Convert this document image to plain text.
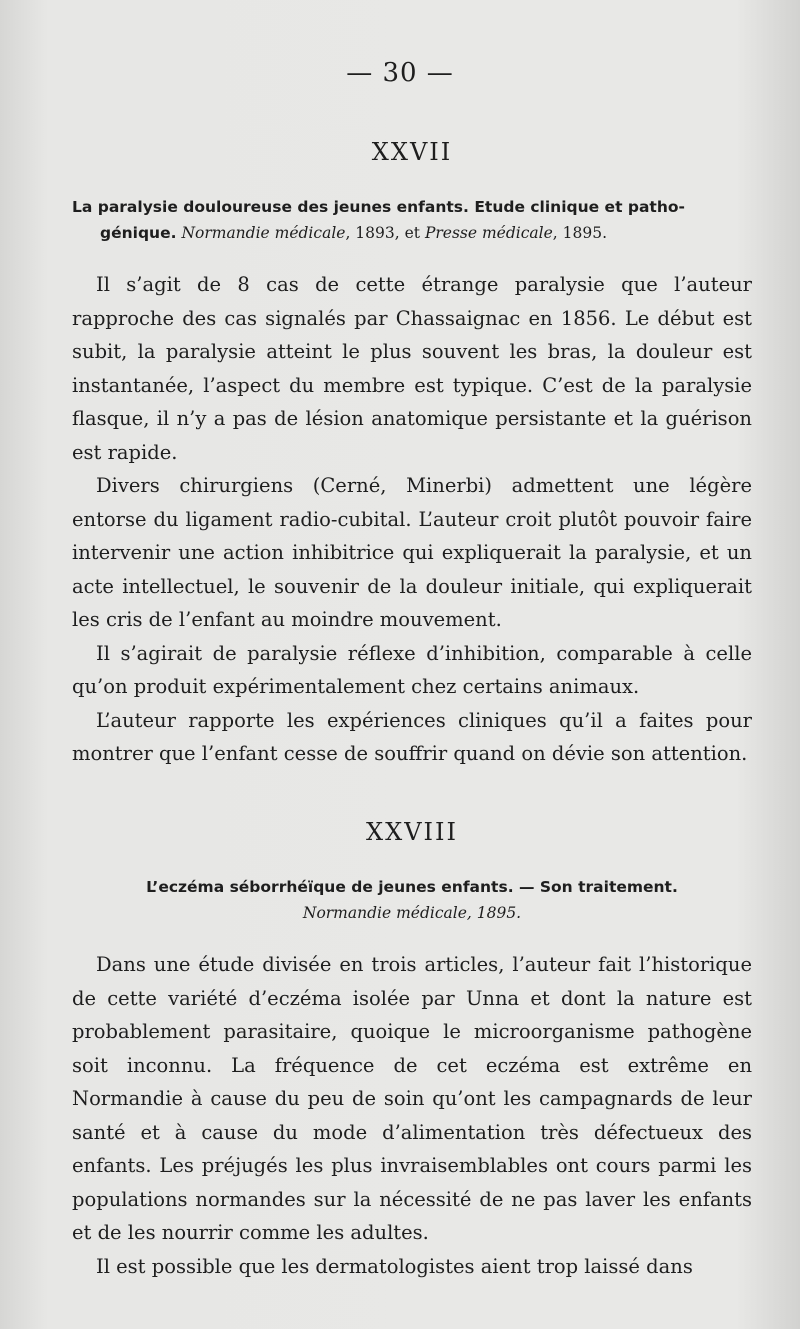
— 30 —
XXVII
La paralysie douloureuse des jeunes enfants. Etude clinique et patho-
génique. Normandie médicale, 1893, et Presse médicale, 1895.

Il s’agit de 8 cas de cette étrange paralysie que l’auteur rapproche des cas signalés par Chassaignac en 1856. Le début est subit, la paralysie atteint le plus souvent les bras, la douleur est instantanée, l’aspect du membre est typique. C’est de la paralysie flasque, il n’y a pas de lésion anatomique persistante et la guérison est rapide.

Divers chirurgiens (Cerné, Minerbi) admettent une légère entorse du ligament radio-cubital. L’auteur croit plutôt pouvoir faire intervenir une action inhibitrice qui expliquerait la paralysie, et un acte intellectuel, le souvenir de la douleur initiale, qui expliquerait les cris de l’enfant au moindre mouvement.

Il s’agirait de paralysie réflexe d’inhibition, comparable à celle qu’on produit expérimentalement chez certains animaux.

L’auteur rapporte les expériences cliniques qu’il a faites pour montrer que l’enfant cesse de souffrir quand on dévie son attention.

XXVIII
L’eczéma séborrhéïque de jeunes enfants. — Son traitement.
Normandie médicale, 1895.

Dans une étude divisée en trois articles, l’auteur fait l’historique de cette variété d’eczéma isolée par Unna et dont la nature est probablement parasitaire, quoique le microorganisme pathogène soit inconnu. La fréquence de cet eczéma est extrême en Normandie à cause du peu de soin qu’ont les campagnards de leur santé et à cause du mode d’alimentation très défectueux des enfants. Les préjugés les plus invraisemblables ont cours parmi les populations normandes sur la nécessité de ne pas laver les enfants et de les nourrir comme les adultes.

Il est possible que les dermatologistes aient trop laissé dans
